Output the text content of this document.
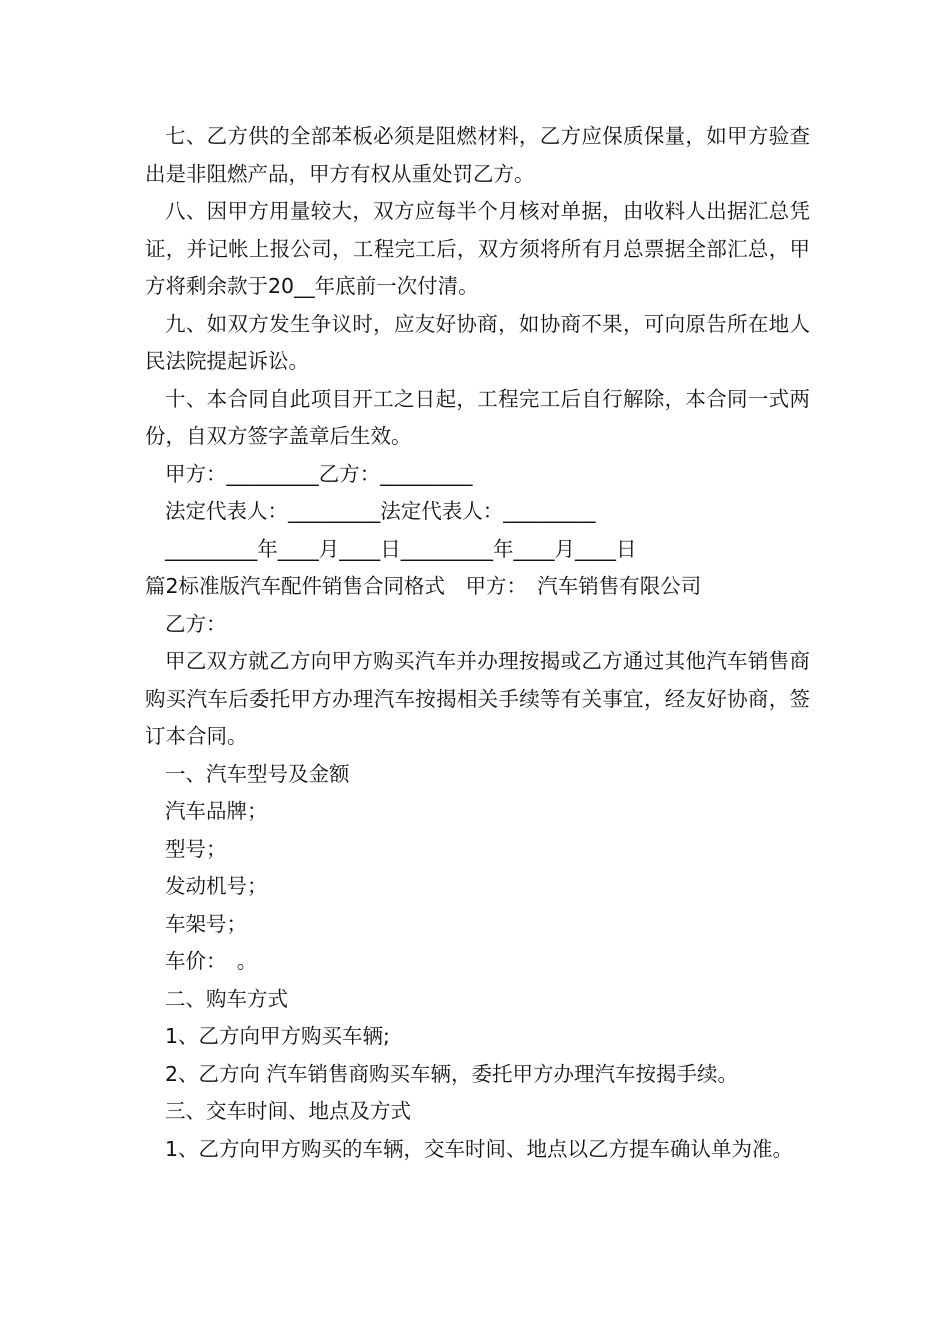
七、乙方供的全部苯板必须是阻燃材料，乙方应保质保量，如甲方验查出是非阻燃产品，甲方有权从重处罚乙方。

八、因甲方用量较大，双方应每半个月核对单据，由收料人出据汇总凭证，并记帐上报公司，工程完工后，双方须将所有月总票据全部汇总，甲方将剩余款于20__年底前一次付清。

九、如双方发生争议时，应友好协商，如协商不果，可向原告所在地人民法院提起诉讼。

十、本合同自此项目开工之日起，工程完工后自行解除，本合同一式两份，自双方签字盖章后生效。

甲方：_________乙方：_________

法定代表人：_________法定代表人：_________

_________年____月____日_________年____月____日

篇2标准版汽车配件销售合同格式　甲方：　汽车销售有限公司

乙方：

甲乙双方就乙方向甲方购买汽车并办理按揭或乙方通过其他汽车销售商购买汽车后委托甲方办理汽车按揭相关手续等有关事宜，经友好协商，签订本合同。

一、汽车型号及金额

汽车品牌；

型号；

发动机号；

车架号；

车价：　。

二、购车方式

1、乙方向甲方购买车辆;

2、乙方向 汽车销售商购买车辆，委托甲方办理汽车按揭手续。

三、交车时间、地点及方式

1、乙方向甲方购买的车辆，交车时间、地点以乙方提车确认单为准。
